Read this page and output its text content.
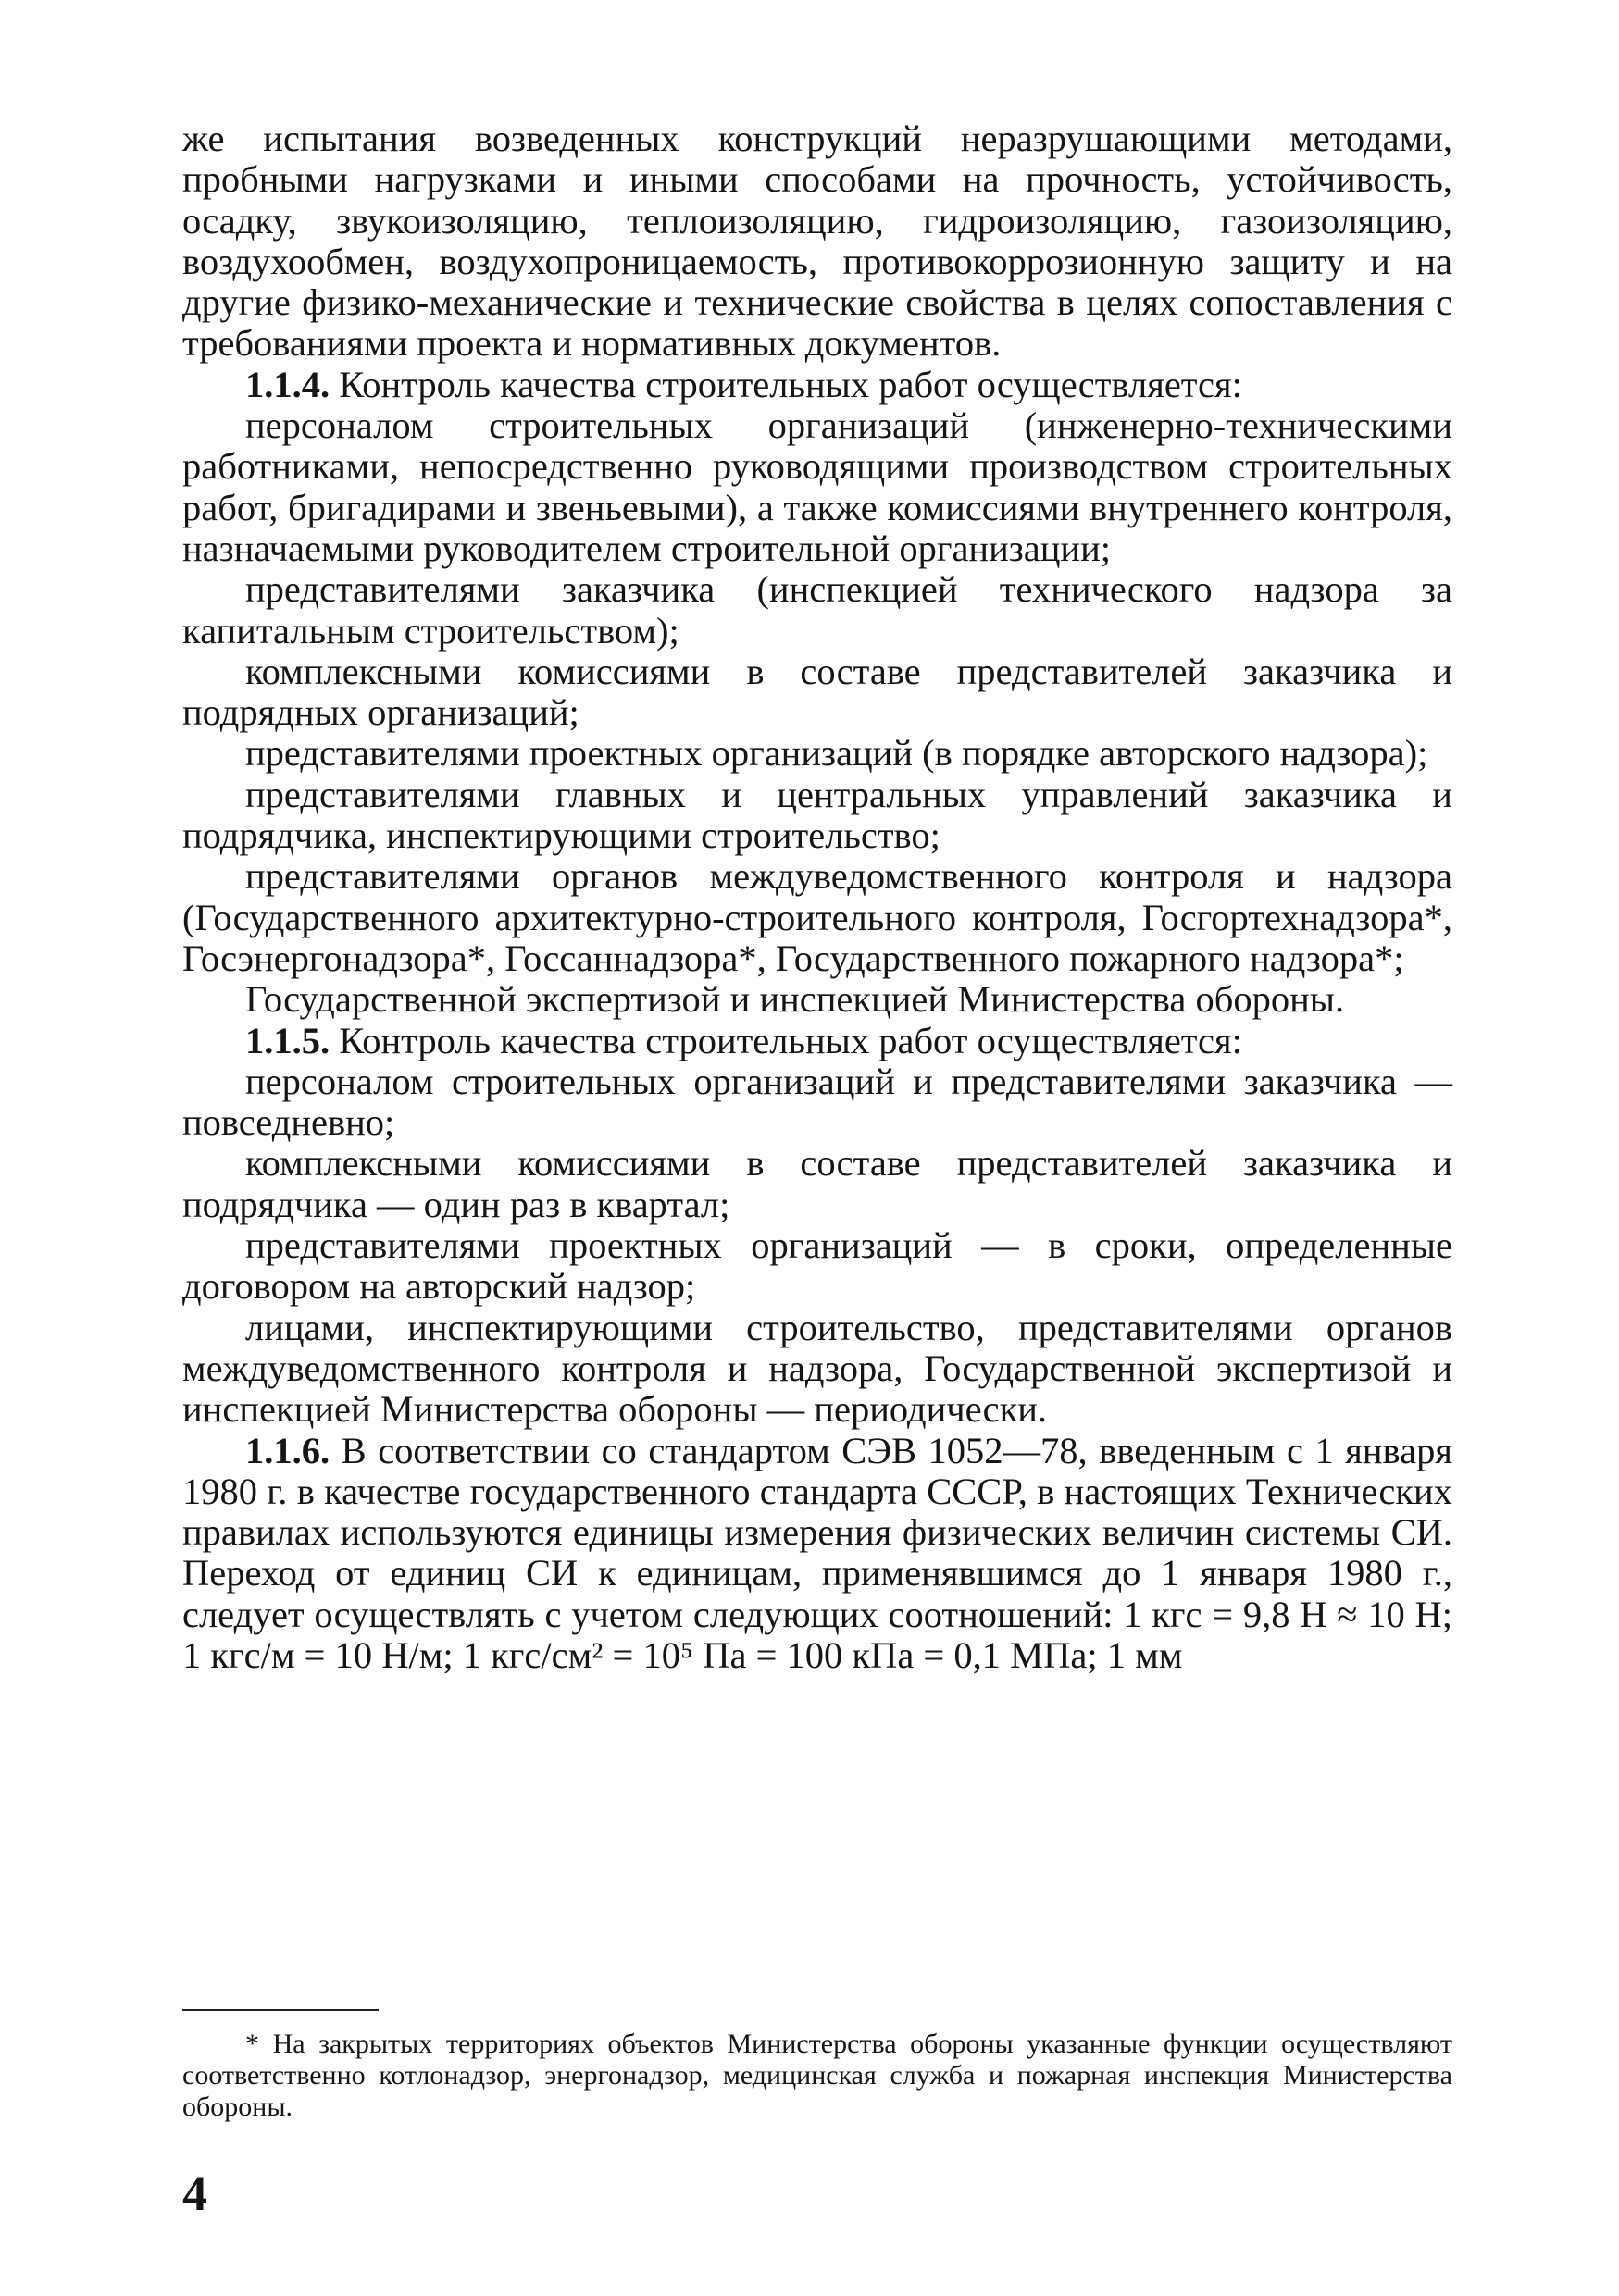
же испытания возведенных конструкций неразрушающими методами, пробными нагрузками и иными способами на прочность, устойчивость, осадку, звукоизоляцию, теплоизоляцию, гидроизоляцию, газоизоляцию, воздухообмен, воздухопроницаемость, противокоррозионную защиту и на другие физико-механические и технические свойства в целях сопоставления с требованиями проекта и нормативных документов.

1.1.4. Контроль качества строительных работ осуществляется:

персоналом строительных организаций (инженерно-техническими работниками, непосредственно руководящими производством строительных работ, бригадирами и звеньевыми), а также комиссиями внутреннего контроля, назначаемыми руководителем строительной организации;

представителями заказчика (инспекцией технического надзора за капитальным строительством);

комплексными комиссиями в составе представителей заказчика и подрядных организаций;

представителями проектных организаций (в порядке авторского надзора);

представителями главных и центральных управлений заказчика и подрядчика, инспектирующими строительство;

представителями органов междуведомственного контроля и надзора (Государственного архитектурно-строительного контроля, Госгортехнадзора*, Госэнергонадзора*, Госсаннадзора*, Государственного пожарного надзора*;

Государственной экспертизой и инспекцией Министерства обороны.

1.1.5. Контроль качества строительных работ осуществляется:

персоналом строительных организаций и представителями заказчика — повседневно;

комплексными комиссиями в составе представителей заказчика и подрядчика — один раз в квартал;

представителями проектных организаций — в сроки, определенные договором на авторский надзор;

лицами, инспектирующими строительство, представителями органов междуведомственного контроля и надзора, Государственной экспертизой и инспекцией Министерства обороны — периодически.

1.1.6. В соответствии со стандартом СЭВ 1052—78, введенным с 1 января 1980 г. в качестве государственного стандарта СССР, в настоящих Технических правилах используются единицы измерения физических величин системы СИ. Переход от единиц СИ к единицам, применявшимся до 1 января 1980 г., следует осуществлять с учетом следующих соотношений: 1 кгс = 9,8 Н ≈ 10 Н; 1 кгс/м = 10 Н/м; 1 кгс/см² = 10⁵ Па = 100 кПа = 0,1 МПа; 1 мм

* На закрытых территориях объектов Министерства обороны указанные функции осуществляют соответственно котлонадзор, энергонадзор, медицинская служба и пожарная инспекция Министерства обороны.

4
